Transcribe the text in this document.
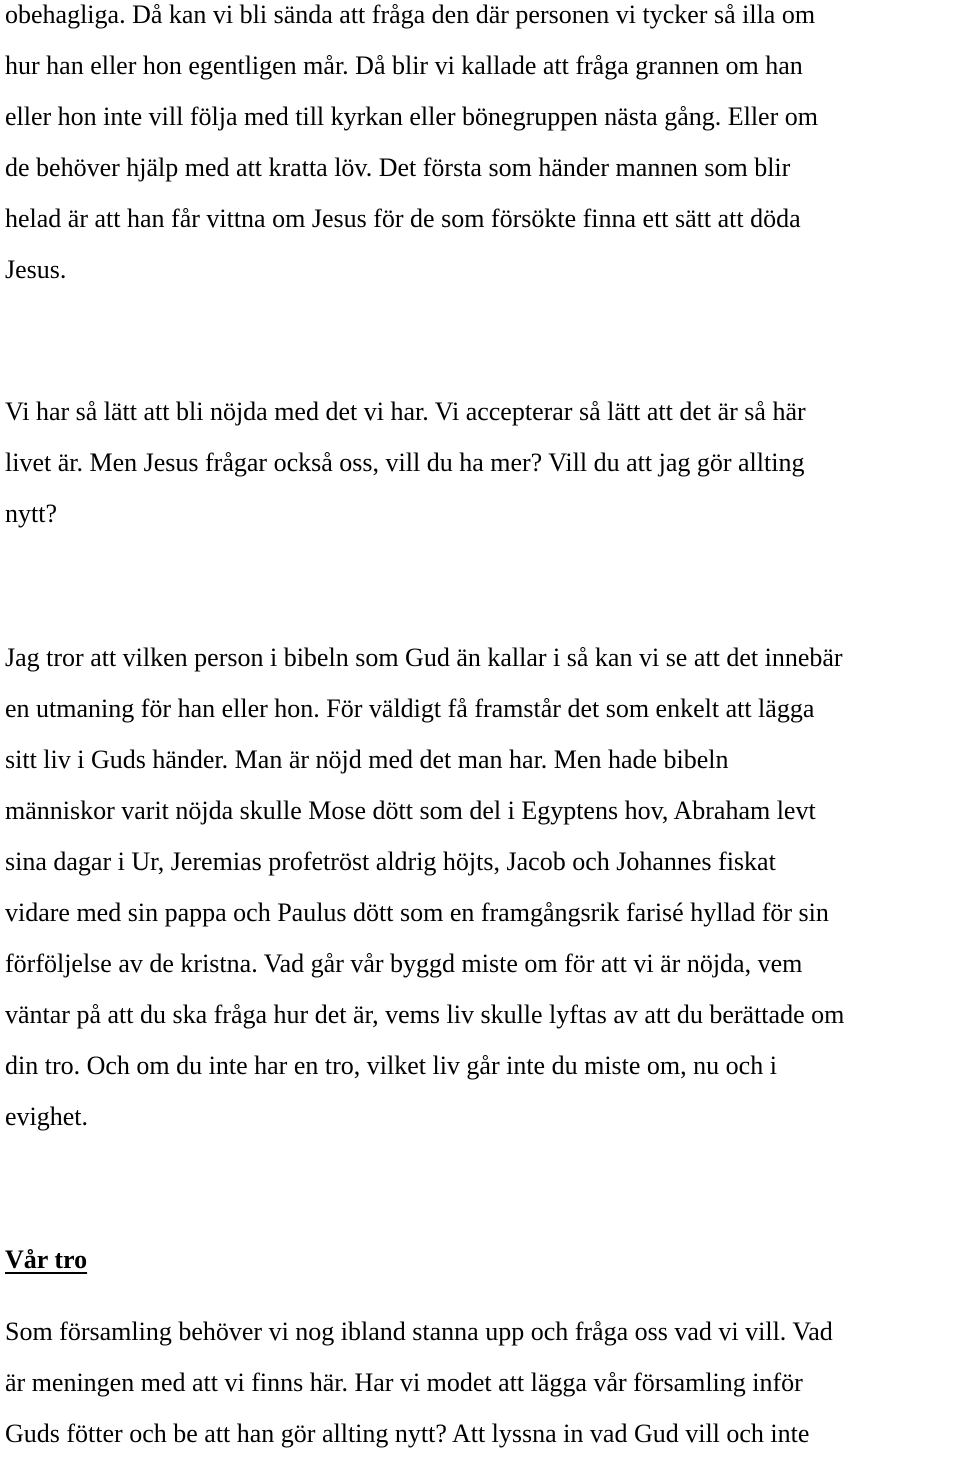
obehagliga. Då kan vi bli sända att fråga den där personen vi tycker så illa om
hur han eller hon egentligen mår. Då blir vi kallade att fråga grannen om han
eller hon inte vill följa med till kyrkan eller bönegruppen nästa gång. Eller om
de behöver hjälp med att kratta löv. Det första som händer mannen som blir
helad är att han får vittna om Jesus för de som försökte finna ett sätt att döda
Jesus.
Vi har så lätt att bli nöjda med det vi har. Vi accepterar så lätt att det är så här
livet är. Men Jesus frågar också oss, vill du ha mer? Vill du att jag gör allting
nytt?
Jag tror att vilken person i bibeln som Gud än kallar i så kan vi se att det innebär
en utmaning för han eller hon. För väldigt få framstår det som enkelt att lägga
sitt liv i Guds händer. Man är nöjd med det man har. Men hade bibeln
människor varit nöjda skulle Mose dött som del i Egyptens hov, Abraham levt
sina dagar i Ur, Jeremias profetröst aldrig höjts, Jacob och Johannes fiskat
vidare med sin pappa och Paulus dött som en framgångsrik farisé hyllad för sin
förföljelse av de kristna. Vad går vår byggd miste om för att vi är nöjda, vem
väntar på att du ska fråga hur det är, vems liv skulle lyftas av att du berättade om
din tro. Och om du inte har en tro, vilket liv går inte du miste om, nu och i
evighet.
Vår tro
Som församling behöver vi nog ibland stanna upp och fråga oss vad vi vill. Vad
är meningen med att vi finns här. Har vi modet att lägga vår församling inför
Guds fötter och be att han gör allting nytt? Att lyssna in vad Gud vill och inte
